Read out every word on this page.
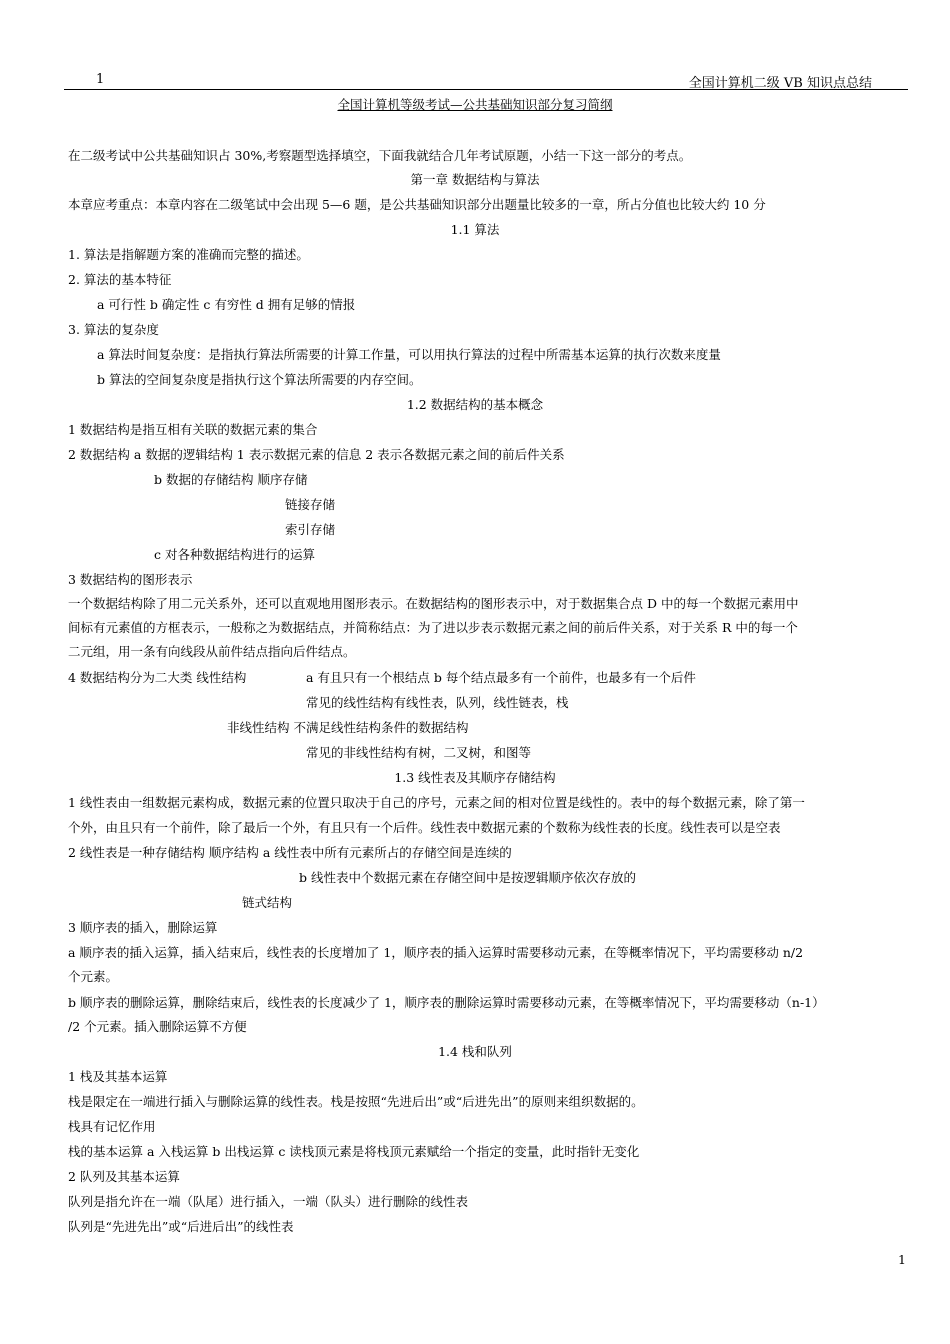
1	全国计算机二级 VB 知识点总结
全国计算机等级考试—公共基础知识部分复习简纲
在二级考试中公共基础知识占 30%,考察题型选择填空，下面我就结合几年考试原题，小结一下这一部分的考点。
第一章 数据结构与算法
本章应考重点：本章内容在二级笔试中会出现 5—6 题，是公共基础知识部分出题量比较多的一章，所占分值也比较大约 10 分
1.1 算法
1. 算法是指解题方案的准确而完整的描述。
2. 算法的基本特征
a 可行性 b 确定性 c 有穷性 d 拥有足够的情报
3. 算法的复杂度
a 算法时间复杂度：是指执行算法所需要的计算工作量，可以用执行算法的过程中所需基本运算的执行次数来度量
b 算法的空间复杂度是指执行这个算法所需要的内存空间。
1.2 数据结构的基本概念
1 数据结构是指互相有关联的数据元素的集合
2 数据结构 a 数据的逻辑结构 1 表示数据元素的信息 2 表示各数据元素之间的前后件关系
b 数据的存储结构 顺序存储
链接存储
索引存储
c 对各种数据结构进行的运算
3 数据结构的图形表示
一个数据结构除了用二元关系外，还可以直观地用图形表示。在数据结构的图形表示中，对于数据集合点 D 中的每一个数据元素用中
间标有元素值的方框表示，一般称之为数据结点，并简称结点：为了进以步表示数据元素之间的前后件关系，对于关系 R 中的每一个
二元组，用一条有向线段从前件结点指向后件结点。
4 数据结构分为二大类 线性结构	a 有且只有一个根结点 b 每个结点最多有一个前件，也最多有一个后件
常见的线性结构有线性表，队列，线性链表，栈
非线性结构 不满足线性结构条件的数据结构
常见的非线性结构有树，二叉树，和图等
1.3 线性表及其顺序存储结构
1 线性表由一组数据元素构成，数据元素的位置只取决于自己的序号，元素之间的相对位置是线性的。表中的每个数据元素，除了第一
个外，由且只有一个前件，除了最后一个外，有且只有一个后件。线性表中数据元素的个数称为线性表的长度。线性表可以是空表
2 线性表是一种存储结构 顺序结构 a 线性表中所有元素所占的存储空间是连续的
b 线性表中个数据元素在存储空间中是按逻辑顺序依次存放的
链式结构
3 顺序表的插入，删除运算
a 顺序表的插入运算，插入结束后，线性表的长度增加了 1，顺序表的插入运算时需要移动元素，在等概率情况下，平均需要移动 n/2
个元素。
b 顺序表的删除运算，删除结束后，线性表的长度减少了 1，顺序表的删除运算时需要移动元素，在等概率情况下，平均需要移动（n-1）
/2 个元素。插入删除运算不方便
1.4 栈和队列
1 栈及其基本运算
栈是限定在一端进行插入与删除运算的线性表。栈是按照“先进后出”或“后进先出”的原则来组织数据的。
栈具有记忆作用
栈的基本运算 a 入栈运算 b 出栈运算 c 读栈顶元素是将栈顶元素赋给一个指定的变量，此时指针无变化
2 队列及其基本运算
队列是指允许在一端（队尾）进行插入，一端（队头）进行删除的线性表
队列是“先进先出”或“后进后出”的线性表
1
